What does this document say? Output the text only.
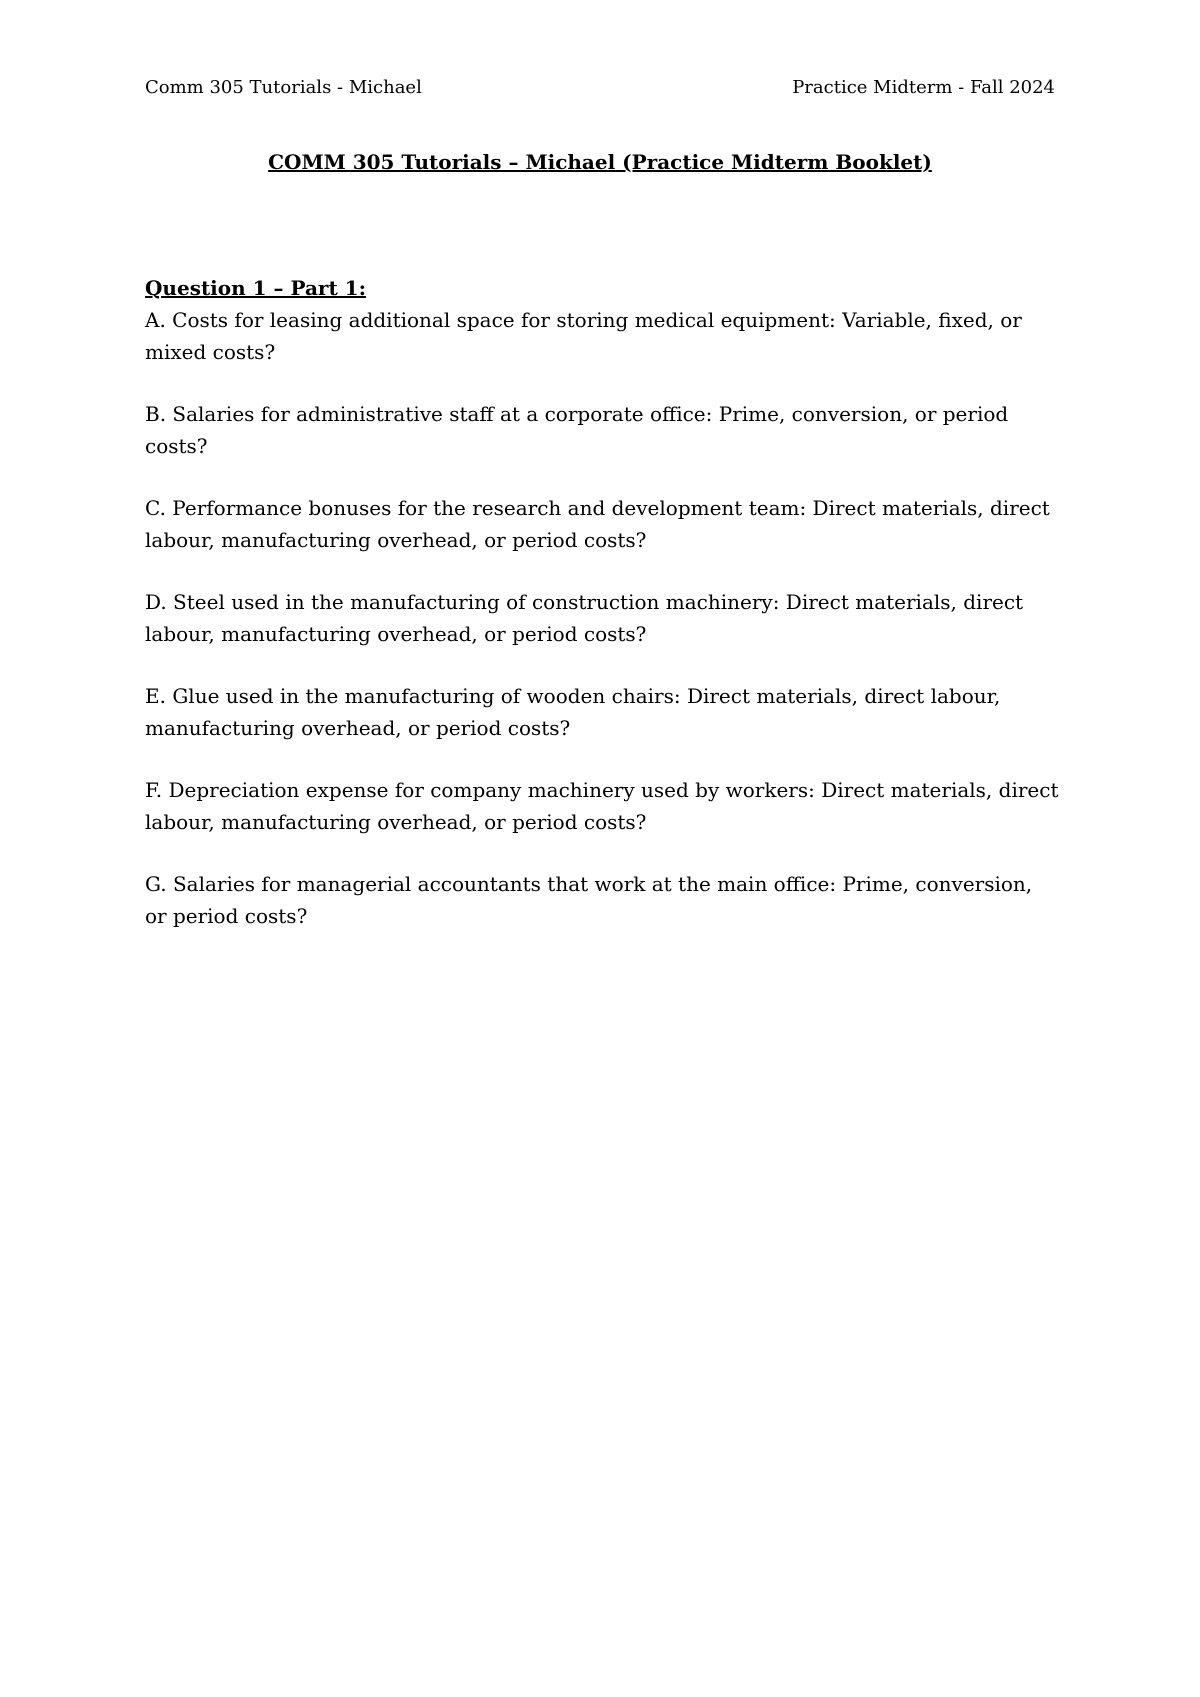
Comm 305 Tutorials - Michael	Practice Midterm - Fall 2024
COMM 305 Tutorials – Michael (Practice Midterm Booklet)

Question 1 – Part 1:

A. Costs for leasing additional space for storing medical equipment: Variable, fixed, or mixed costs?

B. Salaries for administrative staff at a corporate office: Prime, conversion, or period costs?

C. Performance bonuses for the research and development team: Direct materials, direct labour, manufacturing overhead, or period costs?

D. Steel used in the manufacturing of construction machinery: Direct materials, direct labour, manufacturing overhead, or period costs?

E. Glue used in the manufacturing of wooden chairs: Direct materials, direct labour, manufacturing overhead, or period costs?

F. Depreciation expense for company machinery used by workers: Direct materials, direct labour, manufacturing overhead, or period costs?

G. Salaries for managerial accountants that work at the main office: Prime, conversion, or period costs?
